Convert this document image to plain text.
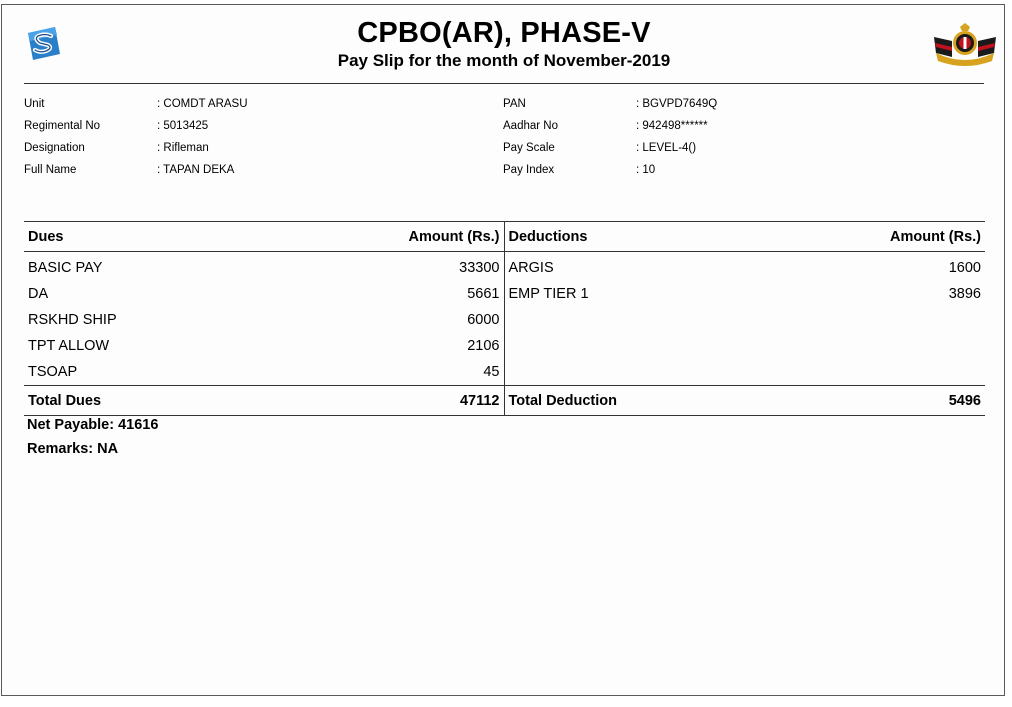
CPBO(AR), PHASE-V
Pay Slip for the month of November-2019
Unit	: COMDT ARASU
Regimental No	: 5013425
Designation	: Rifleman
Full Name	: TAPAN DEKA
PAN	: BGVPD7649Q
Aadhar No	: 942498******
Pay Scale	: LEVEL-4()
Pay Index	: 10
Dues	Amount (Rs.)	Deductions	Amount (Rs.)

BASIC PAY	33300	ARGIS	1600
DA	5661	EMP TIER 1	3896
RSKHD SHIP	6000		
TPT ALLOW	2106		
TSOAP	45		
Total Dues	47112	Total Deduction	5496
Net Payable: 41616
Remarks: NA
